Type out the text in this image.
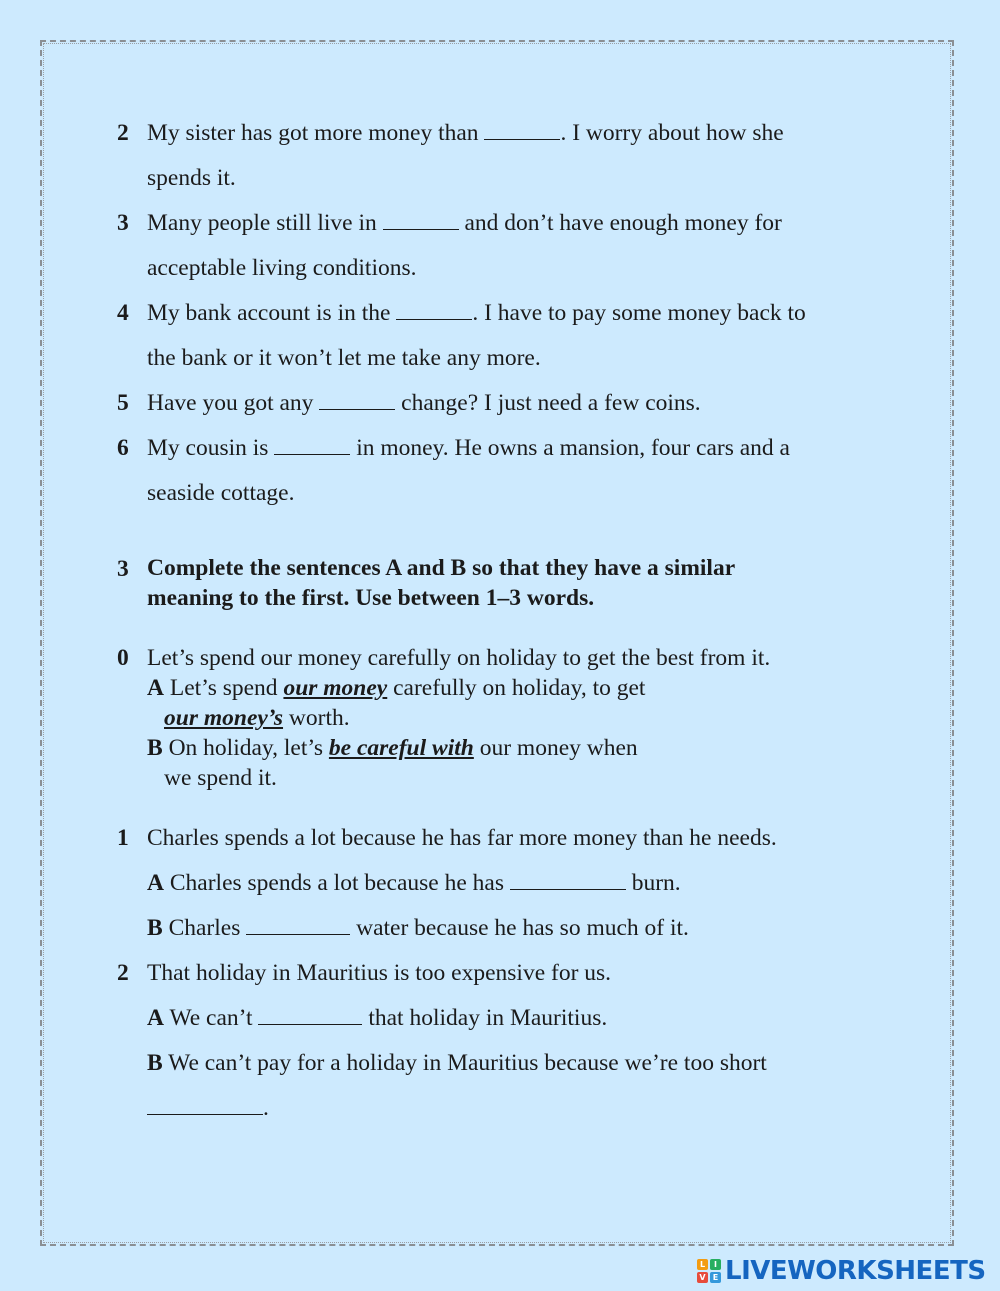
2 My sister has got more money than	. I worry about how she
spends it.
3 Many people still live in	and don’t have enough money for
acceptable living conditions.
4 My bank account is in the	. I have to pay some money back to
the bank or it won’t let me take any more.
5 Have you got any	change? I just need a few coins.
6 My cousin is	in money. He owns a mansion, four cars and a
seaside cottage.
3 Complete the sentences A and B so that they have a similar
meaning to the first. Use between 1–3 words.
0 Let’s spend our money carefully on holiday to get the best from it.
A Let’s spend our money carefully on holiday, to get
our money’s worth.
B On holiday, let’s be careful with our money when
we spend it.
1 Charles spends a lot because he has far more money than he needs.
A Charles spends a lot because he has	burn.
B Charles	water because he has so much of it.
2 That holiday in Mauritius is too expensive for us.
A We can’t	that holiday in Mauritius.
B We can’t pay for a holiday in Mauritius because we’re too short
.
L	I
V E LIVEWORKSHEETS
